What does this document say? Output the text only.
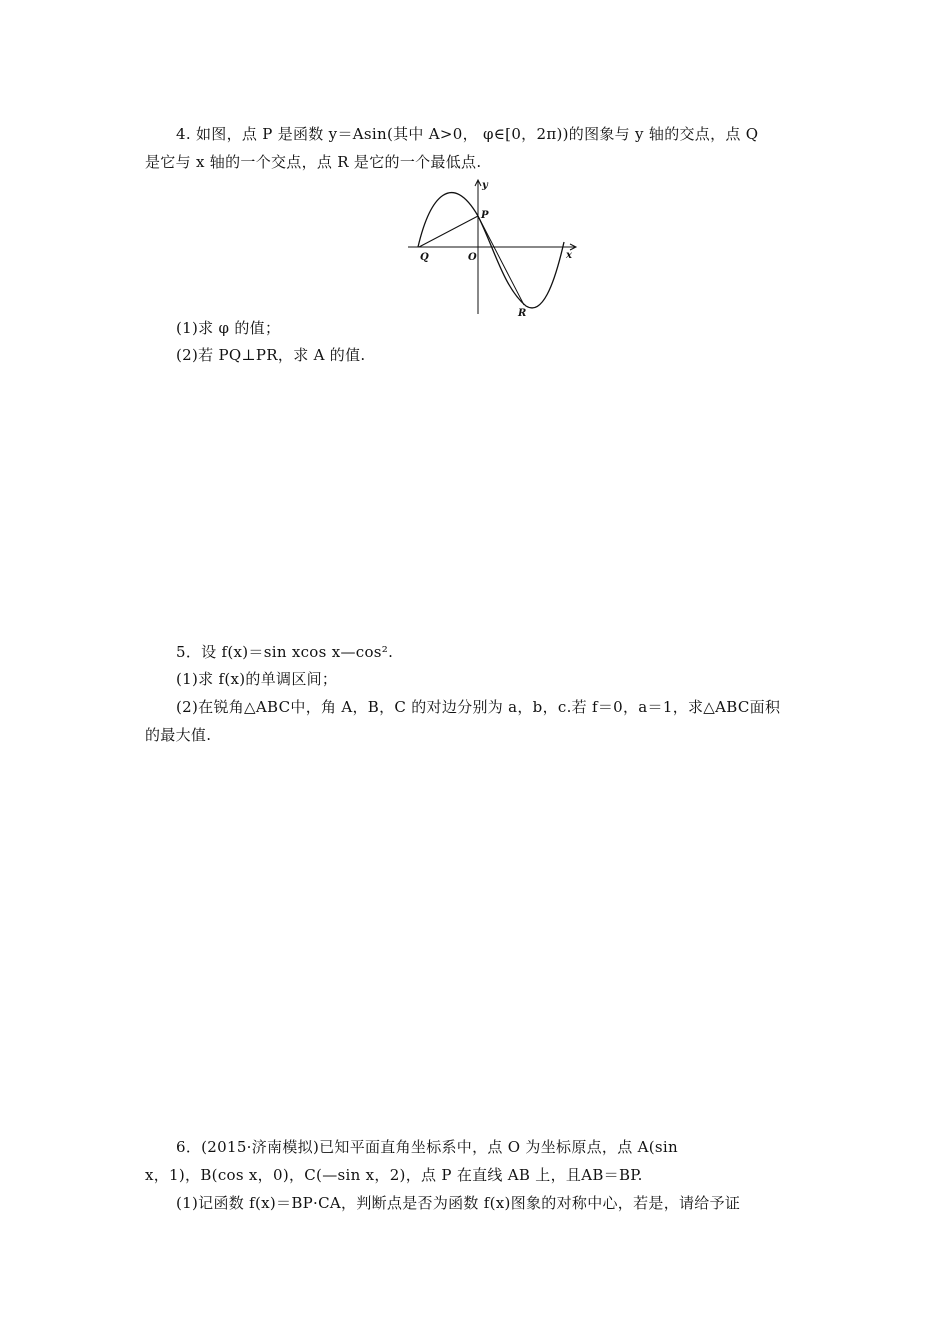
4. 如图，点 P 是函数 y＝Asin(其中 A>0， φ∈[0，2π))的图象与 y 轴的交点，点 Q
是它与 x 轴的一个交点，点 R 是它的一个最低点.
y
x
P
Q	O
R
(1)求 φ 的值；
(2)若 PQ⊥PR，求 A 的值.
5．设 f(x)＝sin xcos x—cos².
(1)求 f(x)的单调区间；
(2)在锐角△ABC中，角 A，B，C 的对边分别为 a，b，c.若 f＝0，a＝1，求△ABC面积
的最大值.
6．(2015·济南模拟)已知平面直角坐标系中，点 O 为坐标原点，点 A(sin
x，1)，B(cos x，0)，C(—sin x，2)，点 P 在直线 AB 上，且AB＝BP.
(1)记函数 f(x)＝BP·CA，判断点是否为函数 f(x)图象的对称中心，若是，请给予证
